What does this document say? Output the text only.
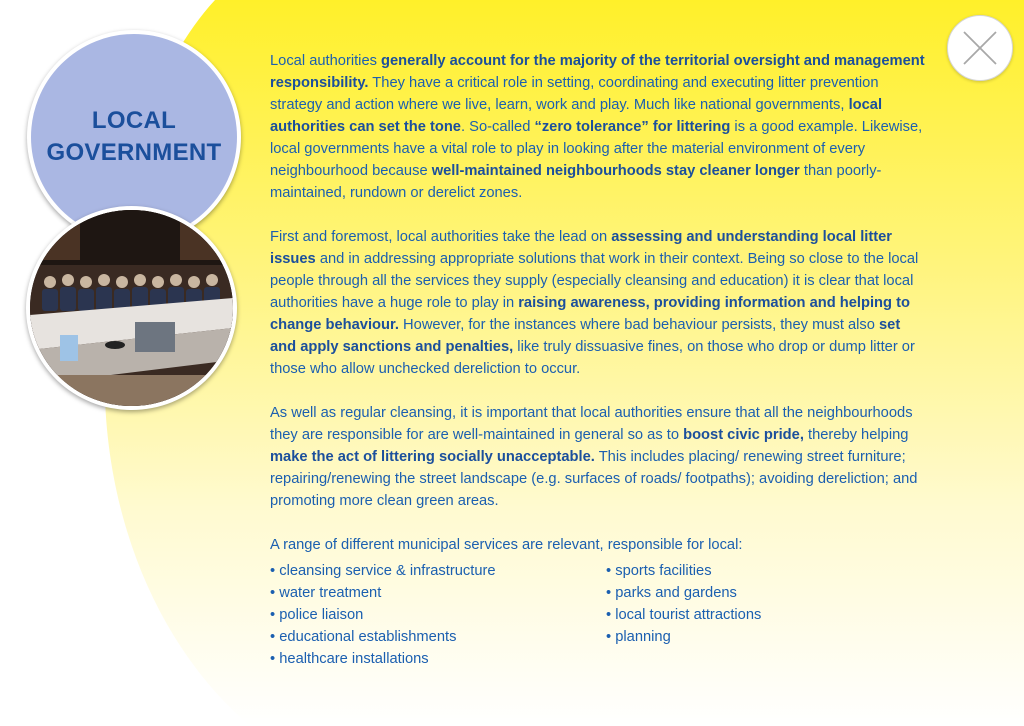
LOCAL
GOVERNMENT

Local authorities generally account for the majority of the territorial oversight and management responsibility. They have a critical role in setting, coordinating and executing litter prevention strategy and action where we live, learn, work and play. Much like national governments, local authorities can set the tone. So-called “zero tolerance” for littering is a good example. Likewise, local governments have a vital role to play in looking after the material environment of every neighbourhood because well-maintained neighbourhoods stay cleaner longer than poorly-maintained, rundown or derelict zones.

First and foremost, local authorities take the lead on assessing and understanding local litter issues and in addressing appropriate solutions that work in their context. Being so close to the local people through all the services they supply (especially cleansing and education) it is clear that local authorities have a huge role to play in raising awareness, providing information and helping to change behaviour. However, for the instances where bad behaviour persists, they must also set and apply sanctions and penalties, like truly dissuasive fines, on those who drop or dump litter or those who allow unchecked dereliction to occur.

As well as regular cleansing, it is important that local authorities ensure that all the neighbourhoods they are responsible for are well-maintained in general so as to boost civic pride, thereby helping make the act of littering socially unacceptable. This includes placing/ renewing street furniture; repairing/renewing the street landscape (e.g. surfaces of roads/ footpaths); avoiding dereliction; and promoting more clean green areas.

A range of different municipal services are relevant, responsible for local:

• cleansing service & infrastructure
• water treatment
• police liaison
• educational establishments
• healthcare installations
• sports facilities
• parks and gardens
• local tourist attractions
• planning
